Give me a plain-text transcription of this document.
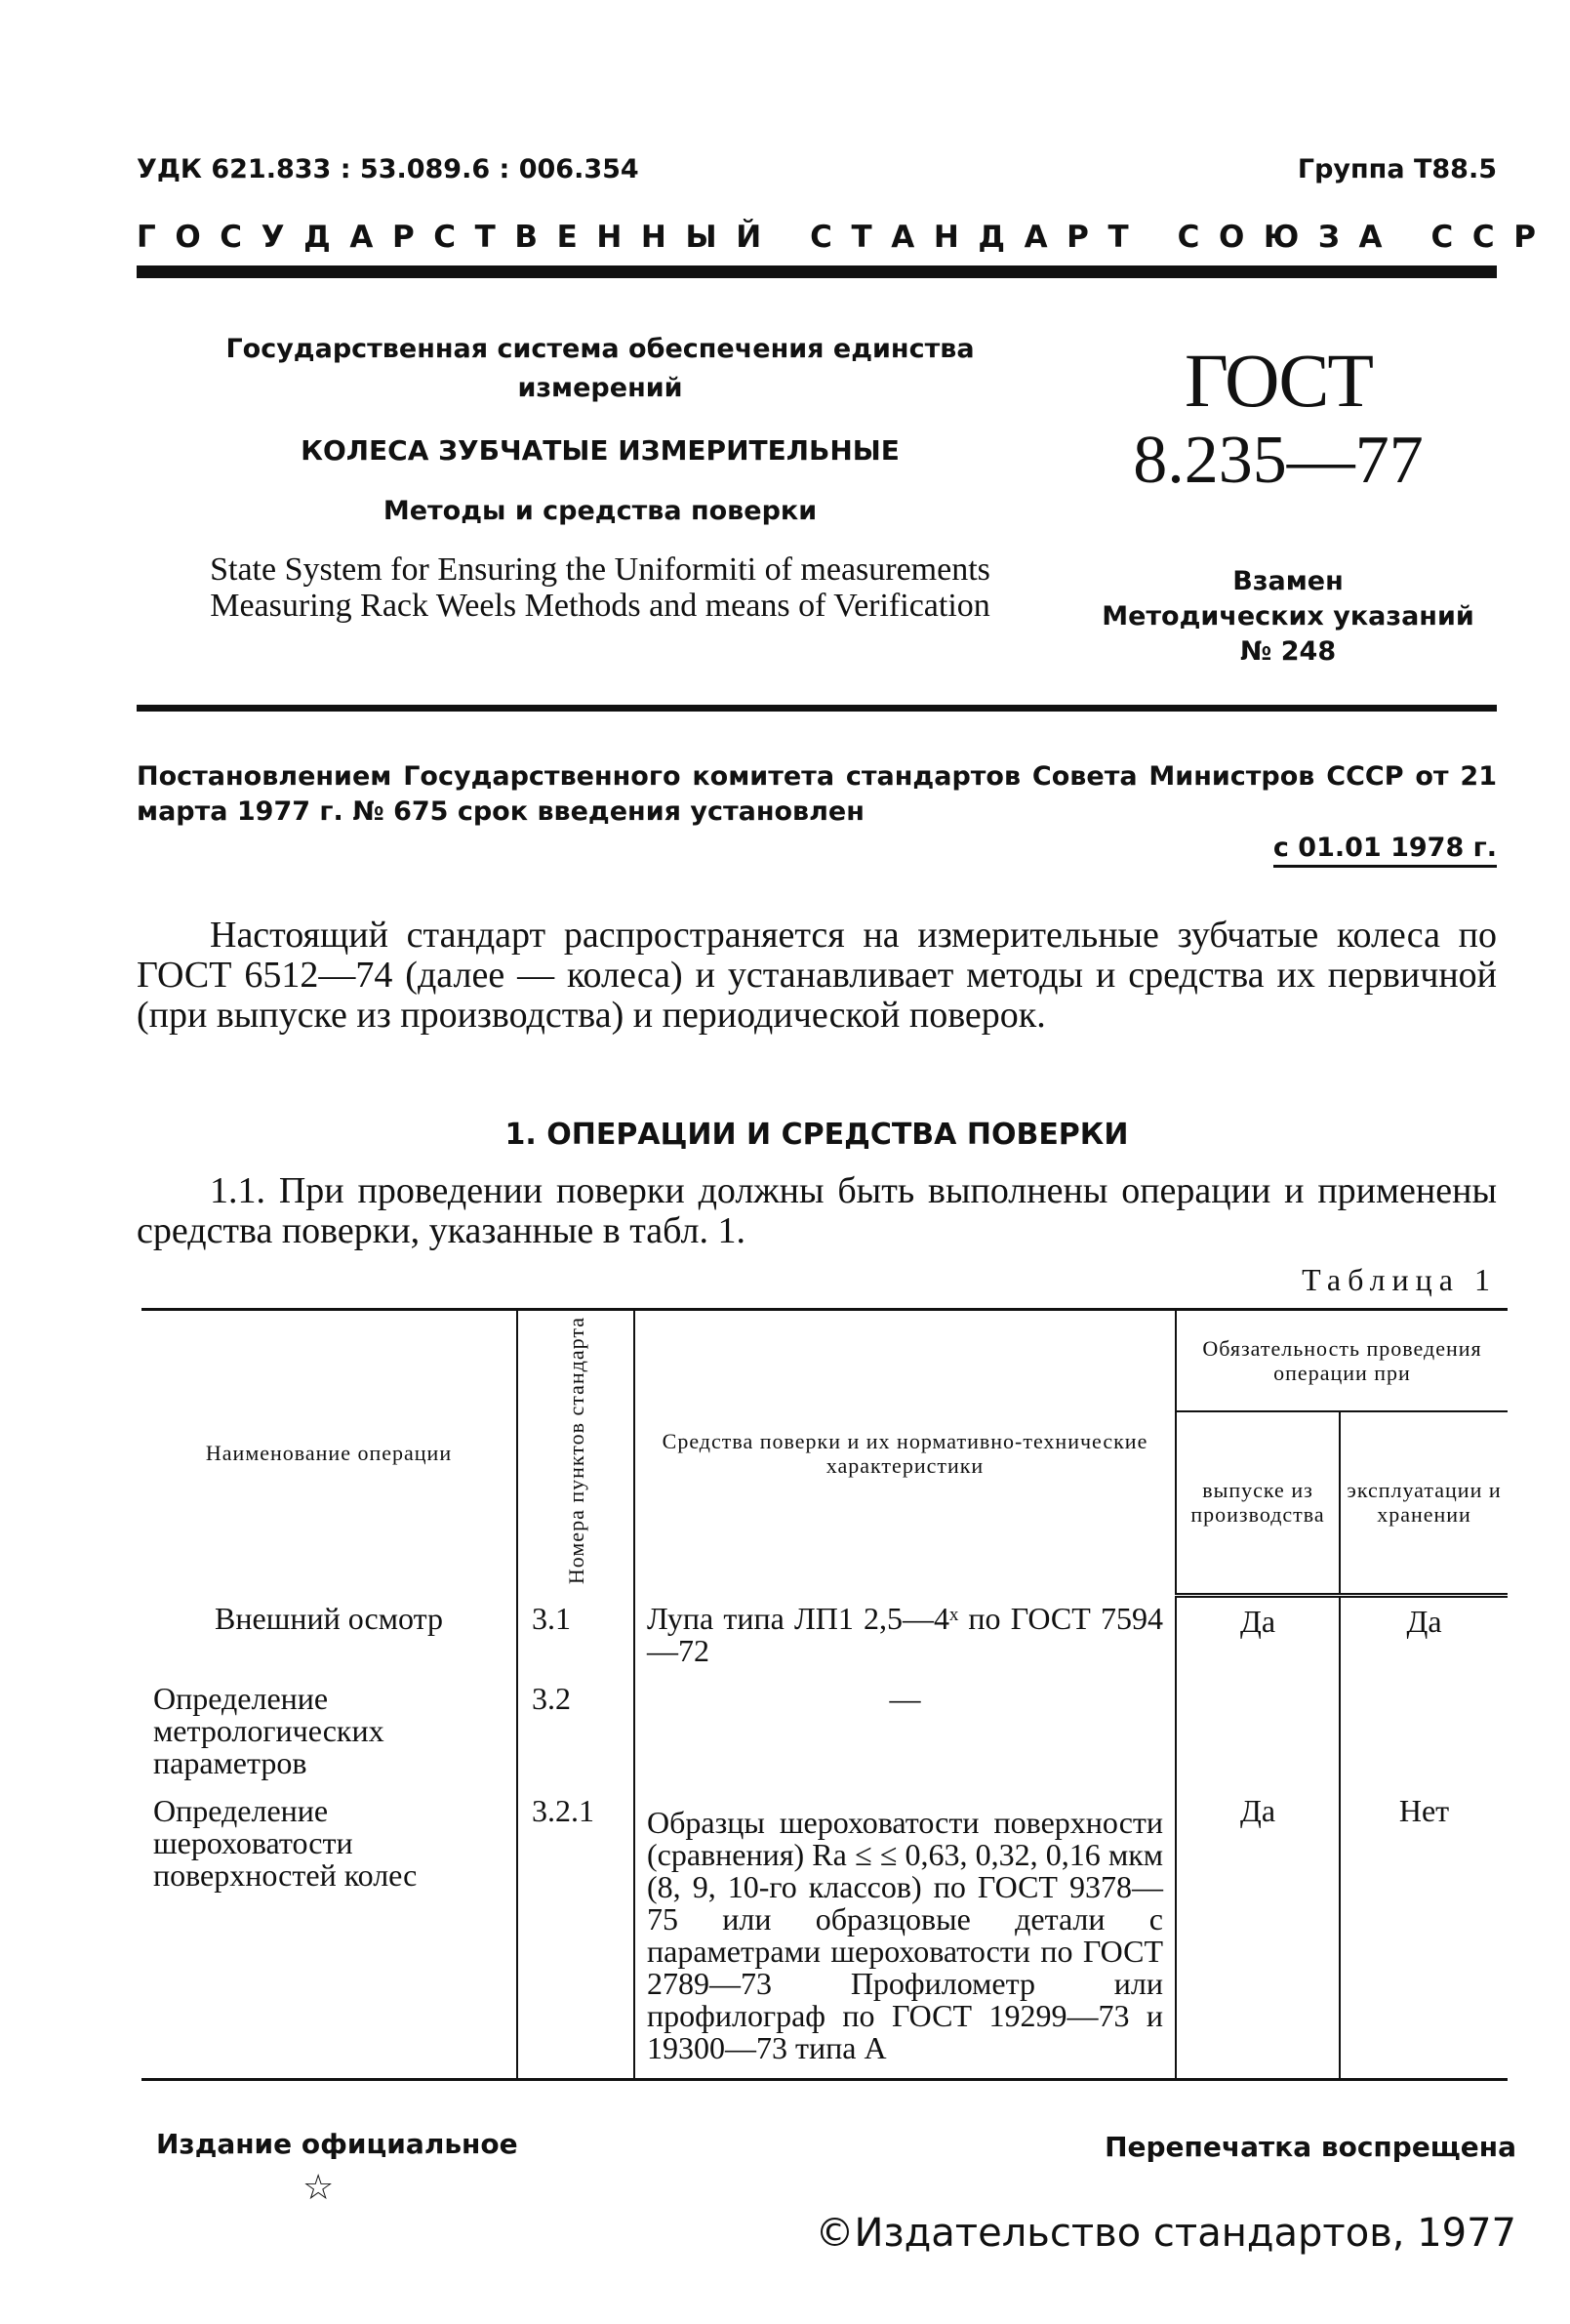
УДК 621.833 : 53.089.6 : 006.354	Группа Т88.5
ГОСУДАРСТВЕННЫЙ СТАНДАРТ СОЮЗА ССР
Государственная система обеспечения единства измерений
КОЛЕСА ЗУБЧАТЫЕ ИЗМЕРИТЕЛЬНЫЕ
Методы и средства поверки
State System for Ensuring the Uniformiti of measurements Measuring Rack Weels Methods and means of Verification
ГОСТ
8.235—77
Взамен
Методических указаний
№ 248
Постановлением Государственного комитета стандартов Совета Министров СССР от 21 марта 1977 г. № 675 срок введения установлен
с 01.01 1978 г.
Настоящий стандарт распространяется на измерительные зубчатые колеса по ГОСТ 6512—74 (далее — колеса) и устанавливает методы и средства их первичной (при выпуске из производства) и периодической поверок.
1. ОПЕРАЦИИ И СРЕДСТВА ПОВЕРКИ
1.1. При проведении поверки должны быть выполнены операции и применены средства поверки, указанные в табл. 1.
Таблица 1
Наименование операции	Номера пунктов стандарта	Средства поверки и их нормативно-технические характеристики	Обязательность проведения операции при	
			выпуске из производства	эксплуатации и хранении
Внешний осмотр	3.1	Лупа типа ЛП1 2,5—4ˣ по ГОСТ 7594—72	Да	Да
Определение метрологических параметров	3.2	—		
Определение шероховатости поверхностей колес	3.2.1	Образцы шероховатости поверхности (сравнения) Ra ≤ ≤ 0,63, 0,32, 0,16 мкм (8, 9, 10-го классов) по ГОСТ 9378—75 или образцовые детали с параметрами шероховатости по ГОСТ 2789—73 Профилометр или профилограф по ГОСТ 19299—73 и 19300—73 типа А	Да	Нет
Издание официальное
☆
Перепечатка воспрещена
©Издательство стандартов, 1977
